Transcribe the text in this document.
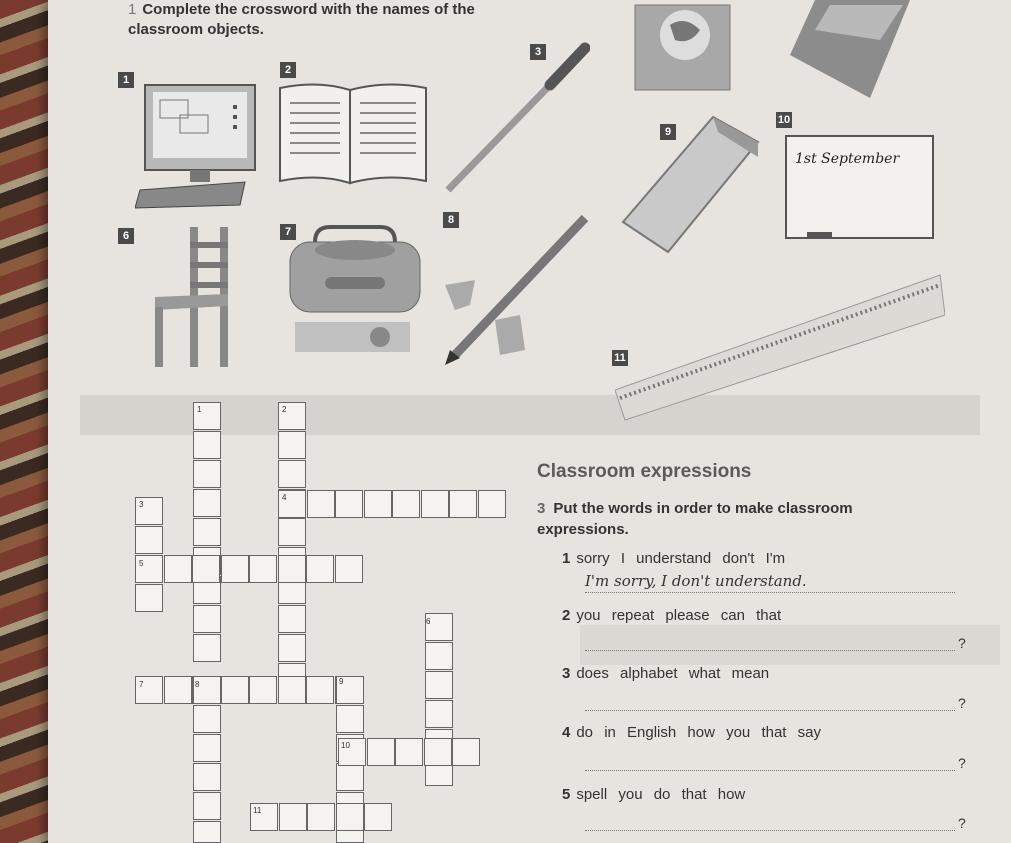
1 Complete the crossword with the names of the classroom objects.
1
2
3
6	7
8
9
10
11
1st September
1	2
3
4
5
6
7	8	9
10
11
Classroom expressions
3 Put the words in order to make classroom expressions.
1 sorry I understand don't I'm
I'm sorry, I don't understand.
2 you repeat please can that
?
3 does alphabet what mean
?
4 do in English how you that say
?
5 spell you do that how
?
